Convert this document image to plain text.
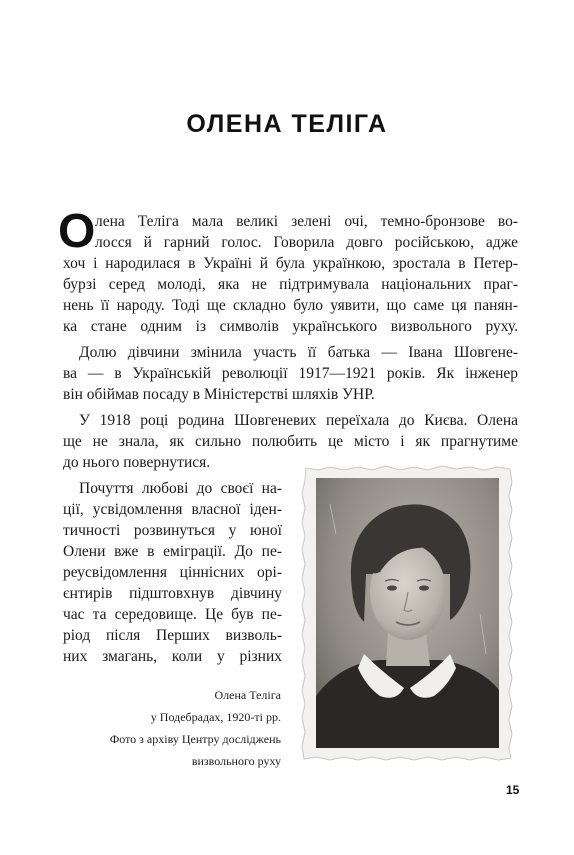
ОЛЕНА ТЕЛІГА
О лена Теліга мала великі зелені очі, темно-бронзове во-
лосся й гарний голос. Говорила довго російською, адже
хоч і народилася в Україні й була українкою, зростала в Петер-
бурзі серед молоді, яка не підтримувала національних праг-
нень її народу. Тоді ще складно було уявити, що саме ця панян-
ка стане одним із символів українського визвольного руху.
Долю дівчини змінила участь її батька — Івана Шовгене-
ва — в Українській революції 1917—1921 років. Як інженер
він обіймав посаду в Міністерстві шляхів УНР.
У 1918 році родина Шовгеневих переїхала до Києва. Олена
ще не знала, як сильно полюбить це місто і як прагнутиме
до нього повернутися.
Почуття любові до своєї на-
ції, усвідомлення власної іден-
тичності розвинуться у юної
Олени вже в еміграції. До пе-
реусвідомлення ціннісних орі-
єнтирів підштовхнув дівчину
час та середовище. Це був пе-
ріод після Перших визволь-
них змагань, коли у різних
Олена Теліга
у Подебрадах, 1920-ті рр.
Фото з архіву Центру досліджень
визвольного руху
15
